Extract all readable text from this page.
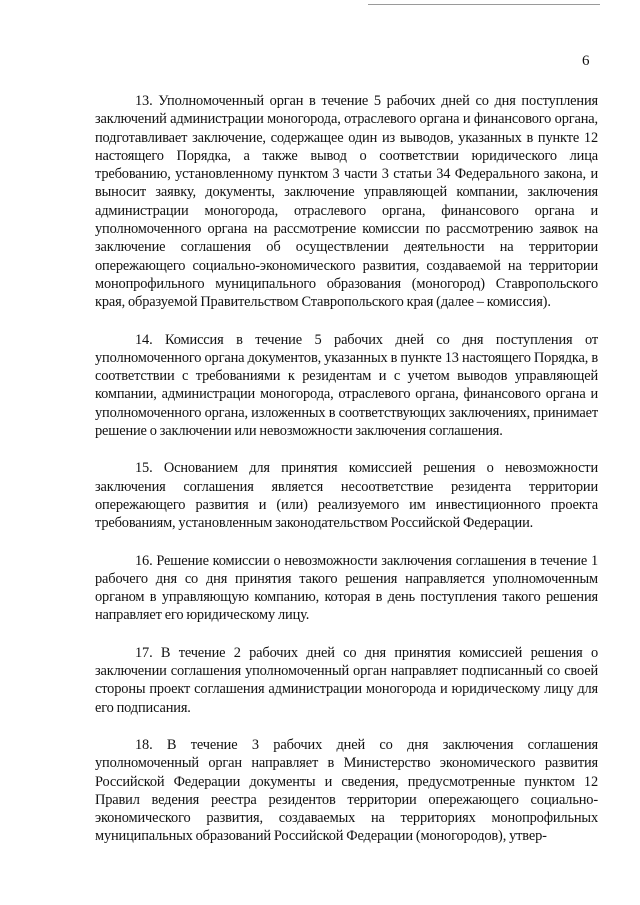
6

13. Уполномоченный орган в течение 5 рабочих дней со дня поступления заключений администрации моногорода, отраслевого органа и финансового органа, подготавливает заключение, содержащее один из выводов, указанных в пункте 12 настоящего Порядка, а также вывод о соответствии юридического лица требованию, установленному пунктом 3 части 3 статьи 34 Федерального закона, и выносит заявку, документы, заключение управляющей компании, заключения администрации моногорода, отраслевого органа, финансового органа и уполномоченного органа на рассмотрение комиссии по рассмотрению заявок на заключение соглашения об осуществлении деятельности на территории опережающего социально-экономического развития, создаваемой на территории монопрофильного муниципального образования (моногород) Ставропольского края, образуемой Правительством Ставропольского края (далее – комиссия).

14. Комиссия в течение 5 рабочих дней со дня поступления от уполномоченного органа документов, указанных в пункте 13 настоящего Порядка, в соответствии с требованиями к резидентам и с учетом выводов управляющей компании, администрации моногорода, отраслевого органа, финансового органа и уполномоченного органа, изложенных в соответствующих заключениях, принимает решение о заключении или невозможности заключения соглашения.

15. Основанием для принятия комиссией решения о невозможности заключения соглашения является несоответствие резидента территории опережающего развития и (или) реализуемого им инвестиционного проекта требованиям, установленным законодательством Российской Федерации.

16. Решение комиссии о невозможности заключения соглашения в течение 1 рабочего дня со дня принятия такого решения направляется уполномоченным органом в управляющую компанию, которая в день поступления такого решения направляет его юридическому лицу.

17. В течение 2 рабочих дней со дня принятия комиссией решения о заключении соглашения уполномоченный орган направляет подписанный со своей стороны проект соглашения администрации моногорода и юридическому лицу для его подписания.

18. В течение 3 рабочих дней со дня заключения соглашения уполномоченный орган направляет в Министерство экономического развития Российской Федерации документы и сведения, предусмотренные пунктом 12 Правил ведения реестра резидентов территории опережающего социально-экономического развития, создаваемых на территориях монопрофильных муниципальных образований Российской Федерации (моногородов), утвер-
